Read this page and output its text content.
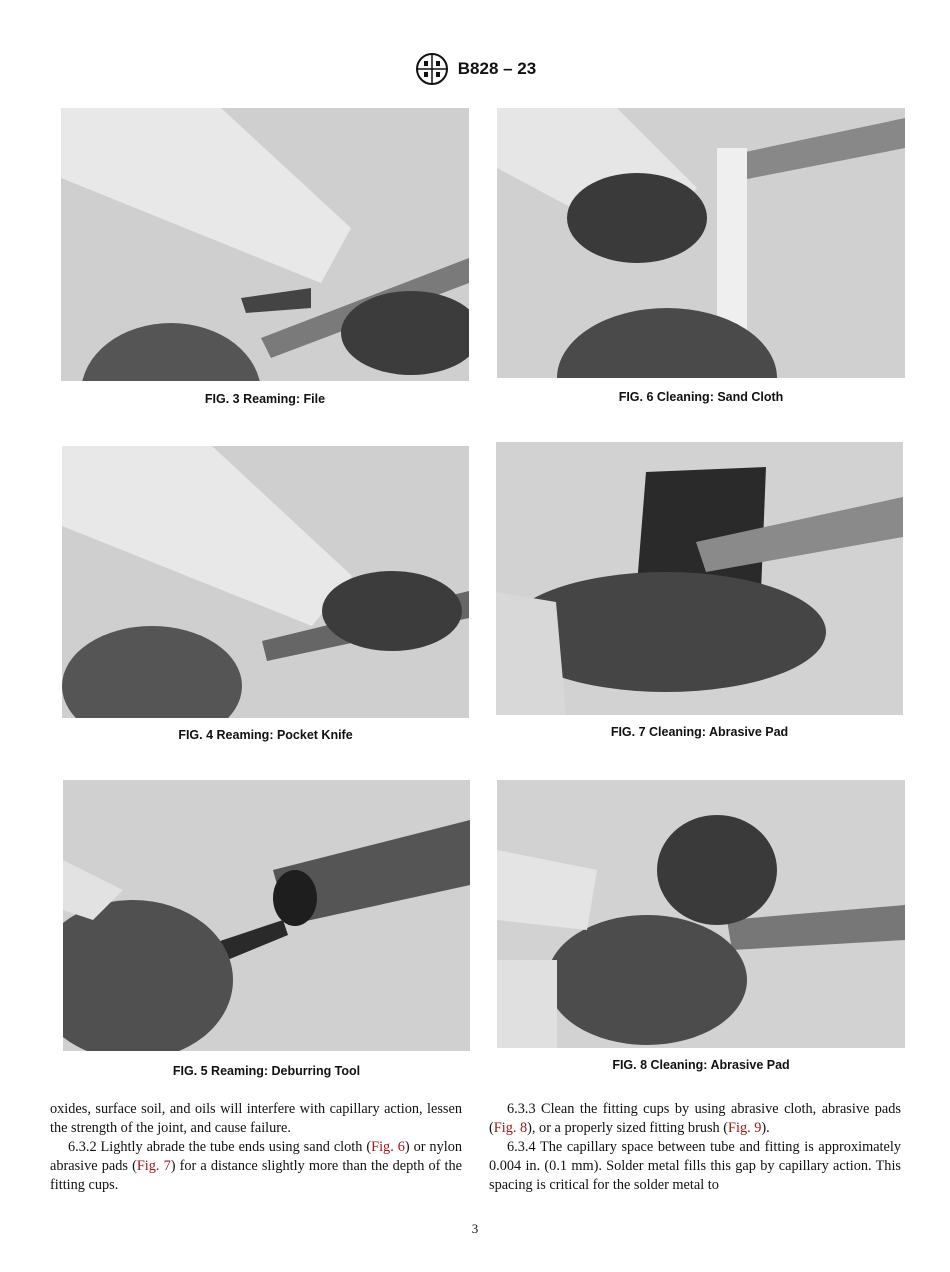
B828 – 23
FIG. 3 Reaming: File	FIG. 6 Cleaning: Sand Cloth
FIG. 4 Reaming: Pocket Knife	FIG. 7 Cleaning: Abrasive Pad
FIG. 5 Reaming: Deburring Tool	FIG. 8 Cleaning: Abrasive Pad

oxides, surface soil, and oils will interfere with capillary action, lessen the strength of the joint, and cause failure.

6.3.2 Lightly abrade the tube ends using sand cloth (Fig. 6) or nylon abrasive pads (Fig. 7) for a distance slightly more than the depth of the fitting cups.

6.3.3 Clean the fitting cups by using abrasive cloth, abrasive pads (Fig. 8), or a properly sized fitting brush (Fig. 9).

6.3.4 The capillary space between tube and fitting is approximately 0.004 in. (0.1 mm). Solder metal fills this gap by capillary action. This spacing is critical for the solder metal to

3
